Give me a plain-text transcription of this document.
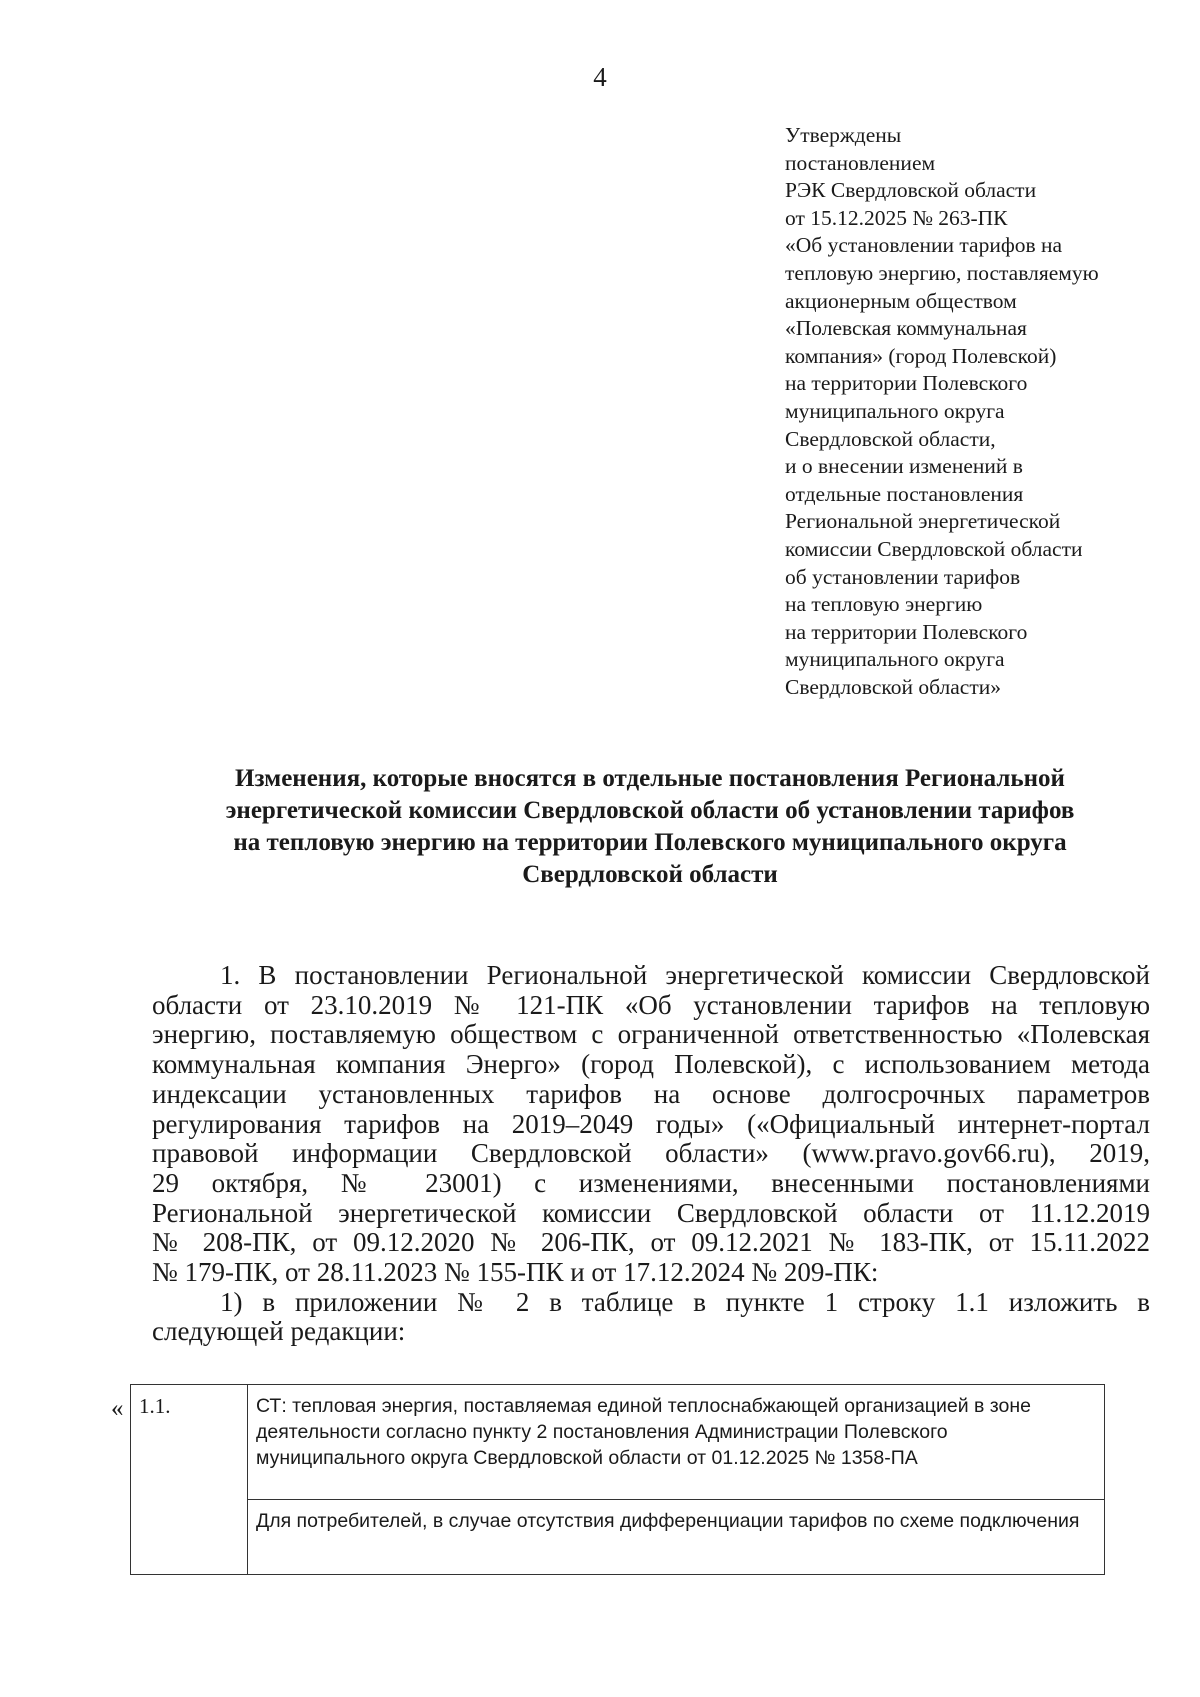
4
Утверждены
постановлением
РЭК Свердловской области
от 15.12.2025 № 263-ПК
«Об установлении тарифов на
тепловую энергию, поставляемую
акционерным обществом
«Полевская коммунальная
компания» (город Полевской)
на территории Полевского
муниципального округа
Свердловской области,
и о внесении изменений в
отдельные постановления
Региональной энергетической
комиссии Свердловской области
об установлении тарифов
на тепловую энергию
на территории Полевского
муниципального округа
Свердловской области»
Изменения, которые вносятся в отдельные постановления Региональной
энергетической комиссии Свердловской области об установлении тарифов
на тепловую энергию на территории Полевского муниципального округа
Свердловской области

1. В постановлении Региональной энергетической комиссии Свердловской
области от 23.10.2019 № 121-ПК «Об установлении тарифов на тепловую
энергию, поставляемую обществом с ограниченной ответственностью «Полевская
коммунальная компания Энерго» (город Полевской), с использованием метода
индексации установленных тарифов на основе долгосрочных параметров
регулирования тарифов на 2019–2049 годы» («Официальный интернет-портал
правовой информации Свердловской области» (www.pravo.gov66.ru), 2019,
29 октября, № 23001) с изменениями, внесенными постановлениями
Региональной энергетической комиссии Свердловской области от 11.12.2019
№ 208-ПК, от 09.12.2020 № 206-ПК, от 09.12.2021 № 183-ПК, от 15.11.2022
№ 179-ПК, от 28.11.2023 № 155-ПК и от 17.12.2024 № 209-ПК:

1) в приложении № 2 в таблице в пункте 1 строку 1.1 изложить в
следующей редакции:

« 1.1.	СТ: тепловая энергия, поставляемая единой теплоснабжающей организацией в зоне деятельности согласно пункту 2 постановления Администрации Полевского муниципального округа Свердловской области от 01.12.2025 № 1358-ПА
Для потребителей, в случае отсутствия дифференциации тарифов по схеме подключения
